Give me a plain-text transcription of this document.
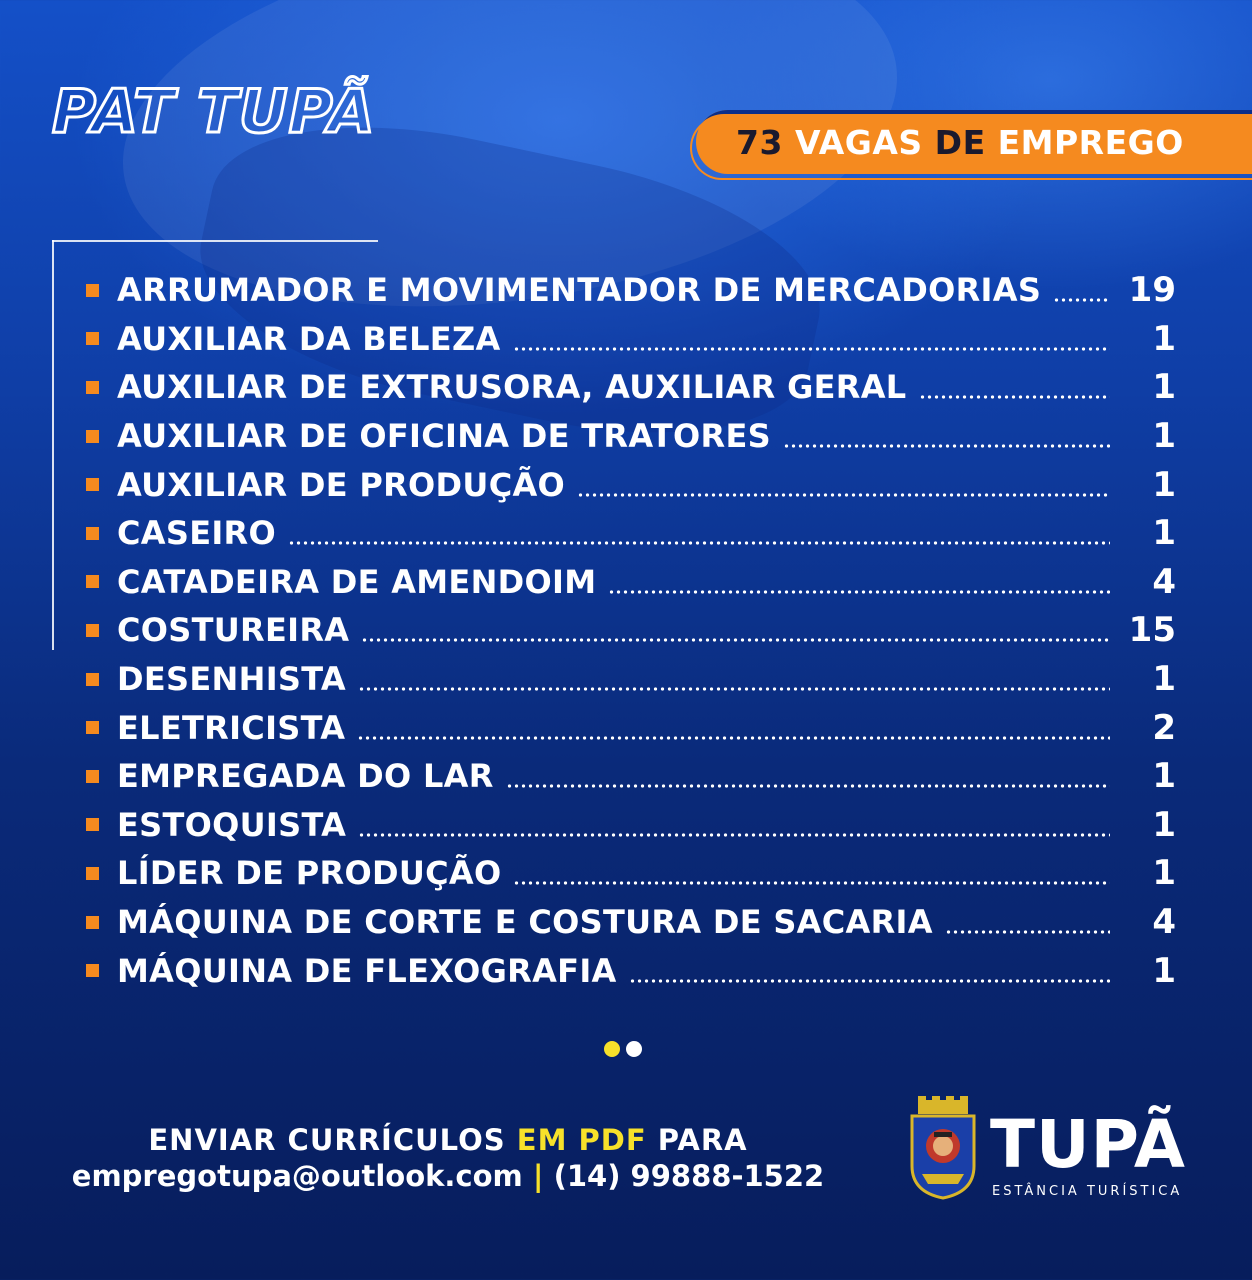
PAT TUPÃ	73
VAGAS
DE
EMPREGO
ARRUMADOR E MOVIMENTADOR DE MERCADORIAS	19
AUXILIAR DA BELEZA	1
AUXILIAR DE EXTRUSORA, AUXILIAR GERAL	1
AUXILIAR DE OFICINA DE TRATORES	1
AUXILIAR DE PRODUÇÃO	1
CASEIRO	1
CATADEIRA DE AMENDOIM	4
COSTUREIRA	15
DESENHISTA	1
ELETRICISTA	2
EMPREGADA DO LAR	1
ESTOQUISTA	1
LÍDER DE PRODUÇÃO	1
MÁQUINA DE CORTE E COSTURA DE SACARIA	4
MÁQUINA DE FLEXOGRAFIA	1
ENVIAR CURRÍCULOS EM PDF PARA
empregotupa@outlook.com | (14) 99888-1522	TUPÃ
ESTÂNCIA TURÍSTICA
